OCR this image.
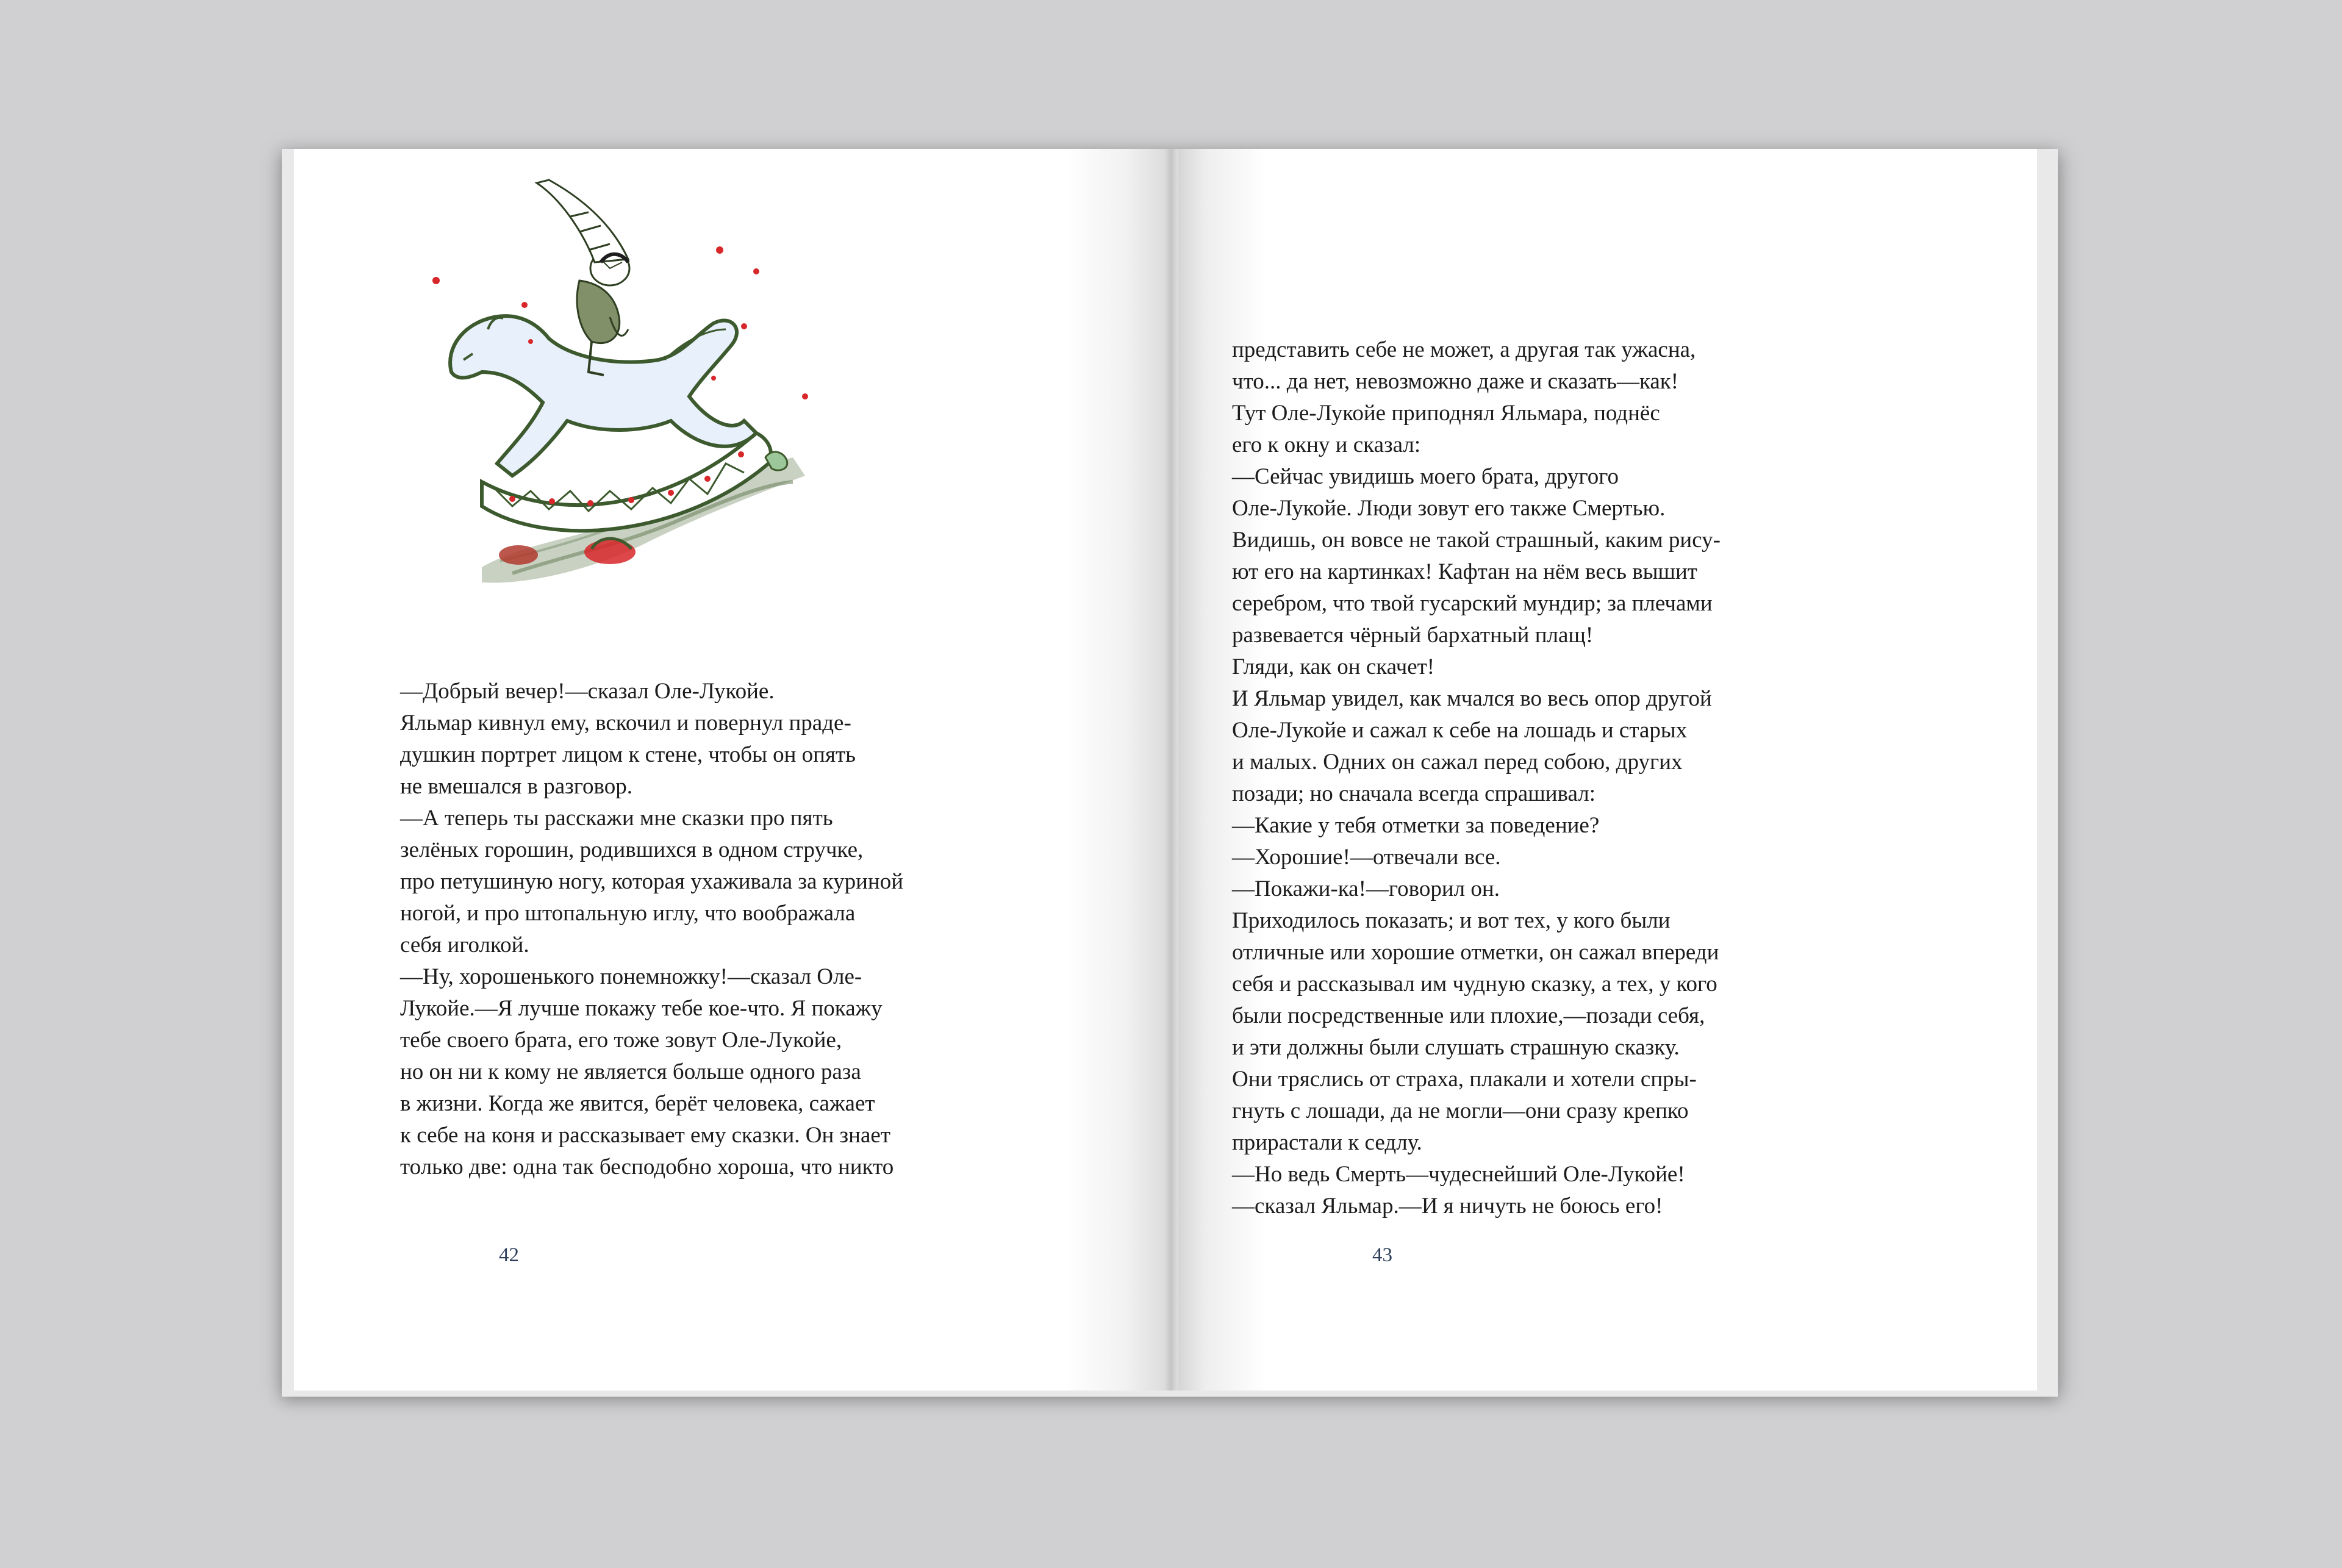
—Добрый вечер!—сказал Оле-Лукойе.
Яльмар кивнул ему, вскочил и повернул праде-
душкин портрет лицом к стене, чтобы он опять
не вмешался в разговор.
—А теперь ты расскажи мне сказки про пять
зелёных горошин, родившихся в одном стручке,
про петушиную ногу, которая ухаживала за куриной
ногой, и про штопальную иглу, что воображала
себя иголкой.
—Ну, хорошенького понемножку!—сказал Оле-
Лукойе.—Я лучше покажу тебе кое-что. Я покажу
тебе своего брата, его тоже зовут Оле-Лукойе,
но он ни к кому не является больше одного раза
в жизни. Когда же явится, берёт человека, сажает
к себе на коня и рассказывает ему сказки. Он знает
только две: одна так бесподобно хороша, что никто
представить себе не может, а другая так ужасна,
что... да нет, невозможно даже и сказать—как!
Тут Оле-Лукойе приподнял Яльмара, поднёс
его к окну и сказал:
—Сейчас увидишь моего брата, другого
Оле-Лукойе. Люди зовут его также Смертью.
Видишь, он вовсе не такой страшный, каким рису-
ют его на картинках! Кафтан на нём весь вышит
серебром, что твой гусарский мундир; за плечами
развевается чёрный бархатный плащ!
Гляди, как он скачет!
И Яльмар увидел, как мчался во весь опор другой
Оле-Лукойе и сажал к себе на лошадь и старых
и малых. Одних он сажал перед собою, других
позади; но сначала всегда спрашивал:
—Какие у тебя отметки за поведение?
—Хорошие!—отвечали все.
—Покажи-ка!—говорил он.
Приходилось показать; и вот тех, у кого были
отличные или хорошие отметки, он сажал впереди
себя и рассказывал им чудную сказку, а тех, у кого
были посредственные или плохие,—позади себя,
и эти должны были слушать страшную сказку.
Они тряслись от страха, плакали и хотели спры-
гнуть с лошади, да не могли—они сразу крепко
прирастали к седлу.
—Но ведь Смерть—чудеснейший Оле-Лукойе!
—сказал Яльмар.—И я ничуть не боюсь его!
42	43
